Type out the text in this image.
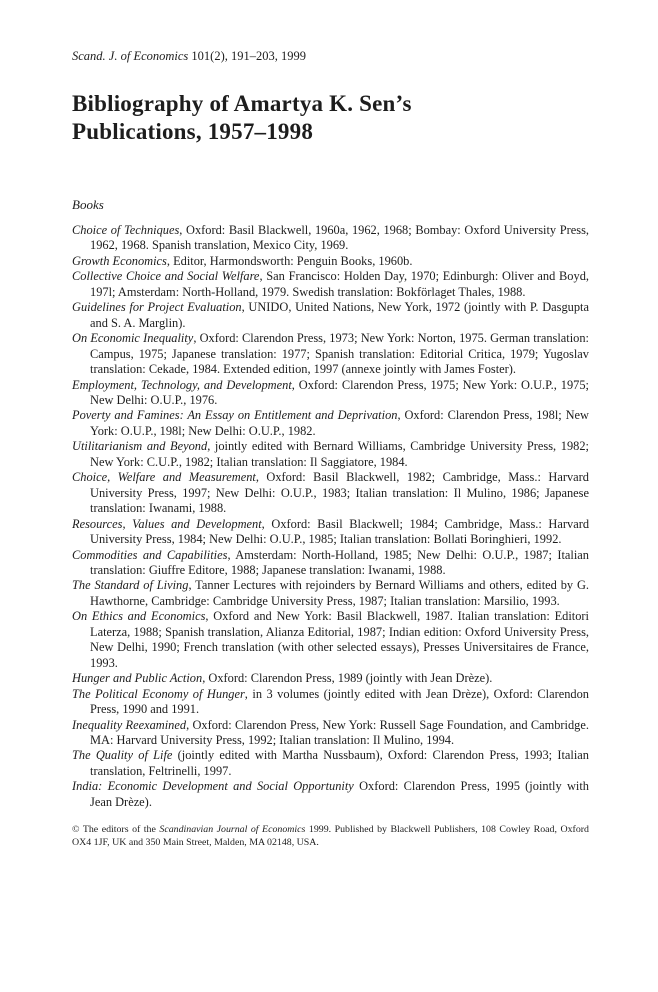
Scand. J. of Economics 101(2), 191–203, 1999
Bibliography of Amartya K. Sen’s
Publications, 1957–1998
Books

Choice of Techniques, Oxford: Basil Blackwell, 1960a, 1962, 1968; Bombay: Oxford University Press, 1962, 1968. Spanish translation, Mexico City, 1969.

Growth Economics, Editor, Harmondsworth: Penguin Books, 1960b.

Collective Choice and Social Welfare, San Francisco: Holden Day, 1970; Edinburgh: Oliver and Boyd, 197l; Amsterdam: North-Holland, 1979. Swedish translation: Bokförlaget Thales, 1988.

Guidelines for Project Evaluation, UNIDO, United Nations, New York, 1972 (jointly with P. Dasgupta and S. A. Marglin).

On Economic Inequality, Oxford: Clarendon Press, 1973; New York: Norton, 1975. German translation: Campus, 1975; Japanese translation: 1977; Spanish translation: Editorial Critica, 1979; Yugoslav translation: Cekade, 1984. Extended edition, 1997 (annexe jointly with James Foster).

Employment, Technology, and Development, Oxford: Clarendon Press, 1975; New York: O.U.P., 1975; New Delhi: O.U.P., 1976.

Poverty and Famines: An Essay on Entitlement and Deprivation, Oxford: Clarendon Press, 198l; New York: O.U.P., 198l; New Delhi: O.U.P., 1982.

Utilitarianism and Beyond, jointly edited with Bernard Williams, Cambridge University Press, 1982; New York: C.U.P., 1982; Italian translation: Il Saggiatore, 1984.

Choice, Welfare and Measurement, Oxford: Basil Blackwell, 1982; Cambridge, Mass.: Harvard University Press, 1997; New Delhi: O.U.P., 1983; Italian translation: Il Mulino, 1986; Japanese translation: Iwanami, 1988.

Resources, Values and Development, Oxford: Basil Blackwell; 1984; Cambridge, Mass.: Harvard University Press, 1984; New Delhi: O.U.P., 1985; Italian translation: Bollati Boringhieri, 1992.

Commodities and Capabilities, Amsterdam: North-Holland, 1985; New Delhi: O.U.P., 1987; Italian translation: Giuffre Editore, 1988; Japanese translation: Iwanami, 1988.

The Standard of Living, Tanner Lectures with rejoinders by Bernard Williams and others, edited by G. Hawthorne, Cambridge: Cambridge University Press, 1987; Italian translation: Marsilio, 1993.

On Ethics and Economics, Oxford and New York: Basil Blackwell, 1987. Italian translation: Editori Laterza, 1988; Spanish translation, Alianza Editorial, 1987; Indian edition: Oxford University Press, New Delhi, 1990; French translation (with other selected essays), Presses Universitaires de France, 1993.

Hunger and Public Action, Oxford: Clarendon Press, 1989 (jointly with Jean Drèze).

The Political Economy of Hunger, in 3 volumes (jointly edited with Jean Drèze), Oxford: Clarendon Press, 1990 and 1991.

Inequality Reexamined, Oxford: Clarendon Press, New York: Russell Sage Foundation, and Cambridge. MA: Harvard University Press, 1992; Italian translation: Il Mulino, 1994.

The Quality of Life (jointly edited with Martha Nussbaum), Oxford: Clarendon Press, 1993; Italian translation, Feltrinelli, 1997.

India: Economic Development and Social Opportunity Oxford: Clarendon Press, 1995 (jointly with Jean Drèze).

© The editors of the Scandinavian Journal of Economics 1999. Published by Blackwell Publishers, 108 Cowley Road, Oxford OX4 1JF, UK and 350 Main Street, Malden, MA 02148, USA.
